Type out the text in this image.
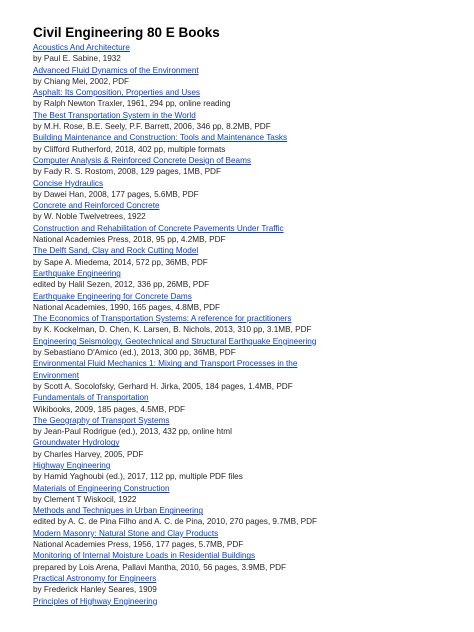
Civil Engineering 80 E Books
Acoustics And Architecture
by Paul E. Sabine, 1932
Advanced Fluid Dynamics of the Environment
by Chiang Mei, 2002, PDF
Asphalt: Its Composition, Properties and Uses
by Ralph Newton Traxler, 1961, 294 pp, online reading
The Best Transportation System in the World
by M.H. Rose, B.E. Seely, P.F. Barrett, 2006, 346 pp, 8.2MB, PDF
Building Maintenance and Construction: Tools and Maintenance Tasks
by Clifford Rutherford, 2018, 402 pp, multiple formats
Computer Analysis & Reinforced Concrete Design of Beams
by Fady R. S. Rostom, 2008, 129 pages, 1MB, PDF
Concise Hydraulics
by Dawei Han, 2008, 177 pages, 5.6MB, PDF
Concrete and Reinforced Concrete
by W. Noble Twelvetrees, 1922
Construction and Rehabilitation of Concrete Pavements Under Traffic
National Academies Press, 2018, 95 pp, 4.2MB, PDF
The Delft Sand, Clay and Rock Cutting Model
by Sape A. Miedema, 2014, 572 pp, 36MB, PDF
Earthquake Engineering
edited by Halil Sezen, 2012, 336 pp, 26MB, PDF
Earthquake Engineering for Concrete Dams
National Academies, 1990, 165 pages, 4.8MB, PDF
The Economics of Transportation Systems: A reference for practitioners
by K. Kockelman, D. Chen, K. Larsen, B. Nichols, 2013, 310 pp, 3.1MB, PDF
Engineering Seismology, Geotechnical and Structural Earthquake Engineering
by Sebastiano D'Amico (ed.), 2013, 300 pp, 36MB, PDF
Environmental Fluid Mechanics 1: Mixing and Transport Processes in the Environment
by Scott A. Socolofsky, Gerhard H. Jirka, 2005, 184 pages, 1.4MB, PDF
Fundamentals of Transportation
Wikibooks, 2009, 185 pages, 4.5MB, PDF
The Geography of Transport Systems
by Jean-Paul Rodrigue (ed.), 2013, 432 pp, online html
Groundwater Hydrology
by Charles Harvey, 2005, PDF
Highway Engineering
by Hamid Yaghoubi (ed.), 2017, 112 pp, multiple PDF files
Materials of Engineering Construction
by Clement T Wiskocil, 1922
Methods and Techniques in Urban Engineering
edited by A. C. de Pina Filho and A. C. de Pina, 2010, 270 pages, 9.7MB, PDF
Modern Masonry: Natural Stone and Clay Products
National Academies Press, 1956, 177 pages, 5.7MB, PDF
Monitoring of Internal Moisture Loads in Residential Buildings
prepared by Lois Arena, Pallavi Mantha, 2010, 56 pages, 3.9MB, PDF
Practical Astronomy for Engineers
by Frederick Hanley Seares, 1909
Principles of Highway Engineering
